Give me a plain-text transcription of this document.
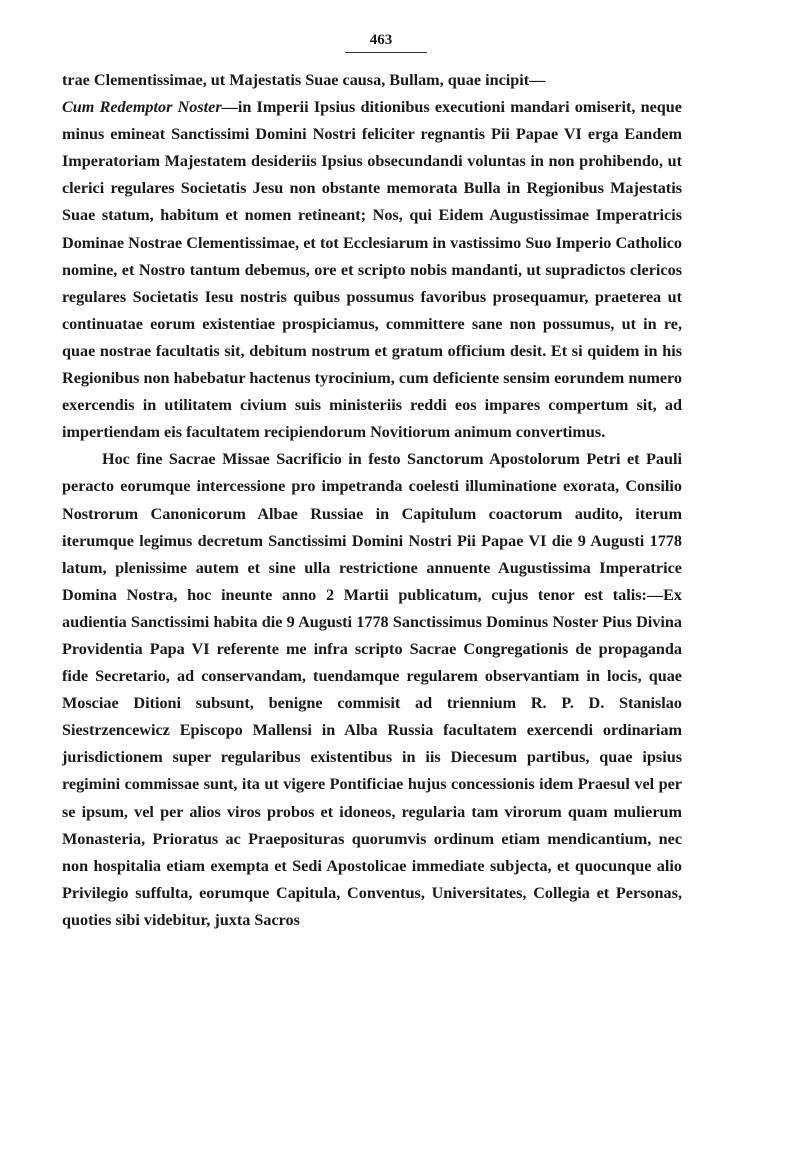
463

trae Clementissimae, ut Majestatis Suae causa, Bullam, quae incipit—
Cum Redemptor Noster—in Imperii Ipsius ditionibus executioni mandari omiserit, neque minus emineat Sanctissimi Domini Nostri feliciter regnantis Pii Papae VI erga Eandem Imperatoriam Majestatem desideriis Ipsius obsecundandi voluntas in non prohibendo, ut clerici regulares Societatis Jesu non obstante memorata Bulla in Regionibus Majestatis Suae statum, habitum et nomen retineant; Nos, qui Eidem Augustissimae Imperatricis Dominae Nostrae Clementissimae, et tot Ecclesiarum in vastissimo Suo Imperio Catholico nomine, et Nostro tantum debemus, ore et scripto nobis mandanti, ut supradictos clericos regulares Societatis Iesu nostris quibus possumus favoribus prosequamur, praeterea ut continuatae eorum existentiae prospiciamus, committere sane non possumus, ut in re, quae nostrae facultatis sit, debitum nostrum et gratum officium desit. Et si quidem in his Regionibus non habebatur hactenus tyrocinium, cum deficiente sensim eorundem numero exercendis in utilitatem civium suis ministeriis reddi eos impares compertum sit, ad impertiendam eis facultatem recipiendorum Novitiorum animum convertimus.

Hoc fine Sacrae Missae Sacrificio in festo Sanctorum Apostolorum Petri et Pauli peracto eorumque intercessione pro impetranda coelesti illuminatione exorata, Consilio Nostrorum Canonicorum Albae Russiae in Capitulum coactorum audito, iterum iterumque legimus decretum Sanctissimi Domini Nostri Pii Papae VI die 9 Augusti 1778 latum, plenissime autem et sine ulla restrictione annuente Augustissima Imperatrice Domina Nostra, hoc ineunte anno 2 Martii publicatum, cujus tenor est talis:—Ex audientia Sanctissimi habita die 9 Augusti 1778 Sanctissimus Dominus Noster Pius Divina Providentia Papa VI referente me infra scripto Sacrae Congregationis de propaganda fide Secretario, ad conservandam, tuendamque regularem observantiam in locis, quae Mosciae Ditioni subsunt, benigne commisit ad triennium R. P. D. Stanislao Siestrzencewicz Episcopo Mallensi in Alba Russia facultatem exercendi ordinariam jurisdictionem super regularibus existentibus in iis Diecesum partibus, quae ipsius regimini commissae sunt, ita ut vigere Pontificiae hujus concessionis idem Praesul vel per se ipsum, vel per alios viros probos et idoneos, regularia tam virorum quam mulierum Monasteria, Prioratus ac Praeposituras quorumvis ordinum etiam mendicantium, nec non hospitalia etiam exempta et Sedi Apostolicae immediate subjecta, et quocunque alio Privilegio suffulta, eorumque Capitula, Conventus, Universitates, Collegia et Personas, quoties sibi videbitur, juxta Sacros
